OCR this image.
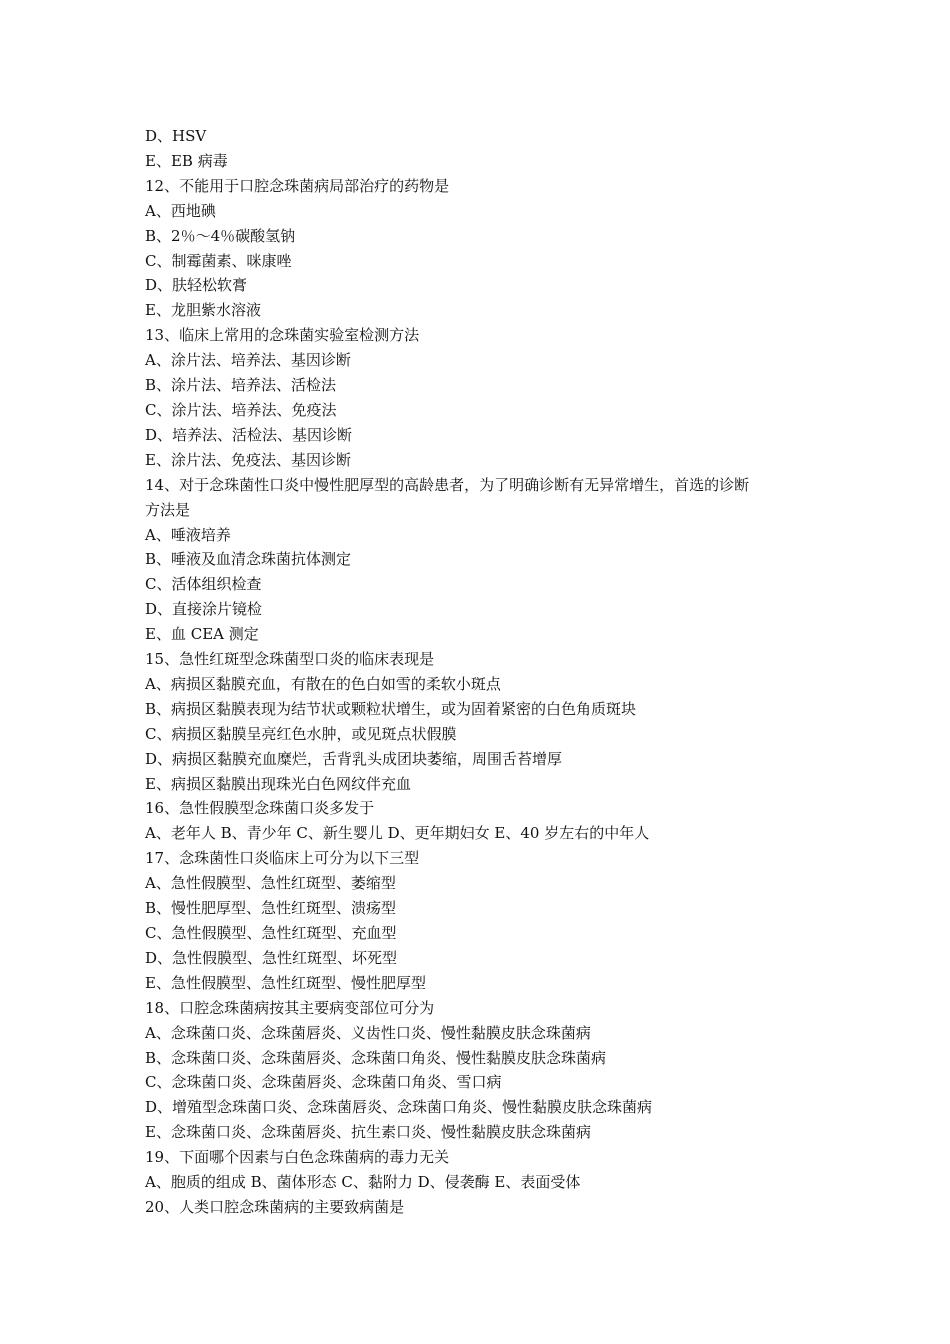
D、HSV

E、EB 病毒

12、不能用于口腔念珠菌病局部治疗的药物是

A、西地碘

B、2％～4％碳酸氢钠

C、制霉菌素、咪康唑

D、肤轻松软膏

E、龙胆紫水溶液

13、临床上常用的念珠菌实验室检测方法

A、涂片法、培养法、基因诊断

B、涂片法、培养法、活检法

C、涂片法、培养法、免疫法

D、培养法、活检法、基因诊断

E、涂片法、免疫法、基因诊断

14、对于念珠菌性口炎中慢性肥厚型的高龄患者，为了明确诊断有无异常增生，首选的诊断

方法是

A、唾液培养

B、唾液及血清念珠菌抗体测定

C、活体组织检查

D、直接涂片镜检

E、血 CEA 测定

15、急性红斑型念珠菌型口炎的临床表现是

A、病损区黏膜充血，有散在的色白如雪的柔软小斑点

B、病损区黏膜表现为结节状或颗粒状增生，或为固着紧密的白色角质斑块

C、病损区黏膜呈亮红色水肿，或见斑点状假膜

D、病损区黏膜充血糜烂，舌背乳头成团块萎缩，周围舌苔增厚

E、病损区黏膜出现珠光白色网纹伴充血

16、急性假膜型念珠菌口炎多发于

A、老年人 B、青少年 C、新生婴儿 D、更年期妇女 E、40 岁左右的中年人

17、念珠菌性口炎临床上可分为以下三型

A、急性假膜型、急性红斑型、萎缩型

B、慢性肥厚型、急性红斑型、溃疡型

C、急性假膜型、急性红斑型、充血型

D、急性假膜型、急性红斑型、坏死型

E、急性假膜型、急性红斑型、慢性肥厚型

18、口腔念珠菌病按其主要病变部位可分为

A、念珠菌口炎、念珠菌唇炎、义齿性口炎、慢性黏膜皮肤念珠菌病

B、念珠菌口炎、念珠菌唇炎、念珠菌口角炎、慢性黏膜皮肤念珠菌病

C、念珠菌口炎、念珠菌唇炎、念珠菌口角炎、雪口病

D、增殖型念珠菌口炎、念珠菌唇炎、念珠菌口角炎、慢性黏膜皮肤念珠菌病

E、念珠菌口炎、念珠菌唇炎、抗生素口炎、慢性黏膜皮肤念珠菌病

19、下面哪个因素与白色念珠菌病的毒力无关

A、胞质的组成 B、菌体形态 C、黏附力 D、侵袭酶 E、表面受体

20、人类口腔念珠菌病的主要致病菌是
